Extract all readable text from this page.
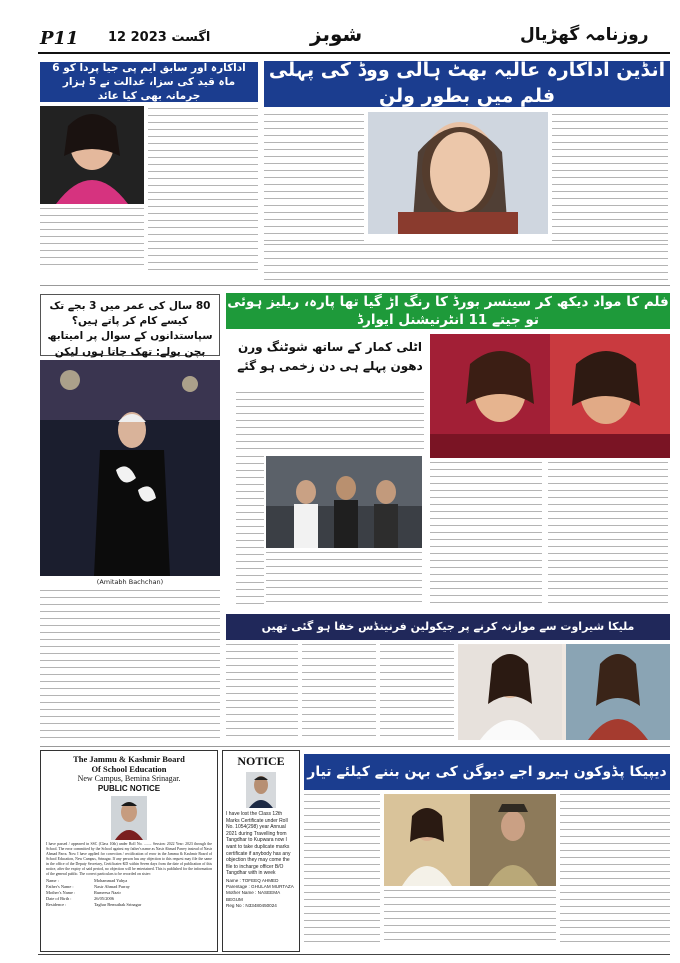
P11 12 اگست 2023	شوبز	روزنامہ گھڑیال
انڈین اداکارہ عالیہ بھٹ ہالی ووڈ کی پہلی فلم میں بطورِ ولن
اداکارہ اور سابق ایم پی جیا پردا کو 6 ماہ قید کی سزا، عدالت نے 5 ہزار جرمانہ بھی کیا عائد
80 سال کی عمر میں 3 بجے تک کیسے کام کر پاتے ہیں؟ سپاستدانوں کے سوال پر امیتابھ بچن بولے: تھک جاتا ہوں لیکن
(Amitabh Bachchan)
فلم کا مواد دیکھ کر سینسر بورڈ کا رنگ اڑ گیا تھا پارہ، ریلیز ہوئی تو جیتے 11 انٹرنیشنل ایوارڈ
اٹلی کمار کے ساتھ شوٹنگ ورن دھون پہلے ہی دن زخمی ہو گئے
ملیکا شیراوت سے موازنہ کرنے پر جیکولین فرنینڈس خفا ہو گئی تھیں
The Jammu & Kashmir Board
Of School Education
New Campus, Bemina Srinagar.
PUBLIC NOTICE
I have passed / appeared in SSC (Class 10th) under Roll No. ........ Session: 2022 Year: 2023 through the School. The error committed by the School against my father's name as Nasir Ahmad Parrey instead of Nasir Ahmad Parra. Now I have applied for correction / rectification of error in the Jammu & Kashmir Board of School Education, New Campus, Srinagar. If any person has any objection to this request may file the same in the office of the Deputy Secretary, Certificates-KD within Seven days from the date of publication of this notice, after the expiry of said period, no objection will be entertained. This is published for the information of the general public. The correct particulars to be recorded on sister:
Name :	Mohammad Yahya
Father's Name :	Nasir Ahmad Parray
Mother's Name :	Rumeesa Nazir
Date of Birth :	26/05/2006
Residence :	Taghar Bemuthak Srinagar
NOTICE
I have lost the Class 12th Marks Certificate under Roll No. 1054(298) year Annual 2021 during Travelling from Tangdhar to Kupwara now I want to take duplicate marks certificate if anybody has any objection they may come the file to incharge officer B/O Tangdhar with in week
Name : TOFEEQ AHMED
Parentage : GHULAM MURTAZA
Mother Name : NASEEMA BEGUM
Reg No : N33480450024
دیپیکا پڈوکون ہیرو اجے دیوگن کی بہن بننے کیلئے تیار
